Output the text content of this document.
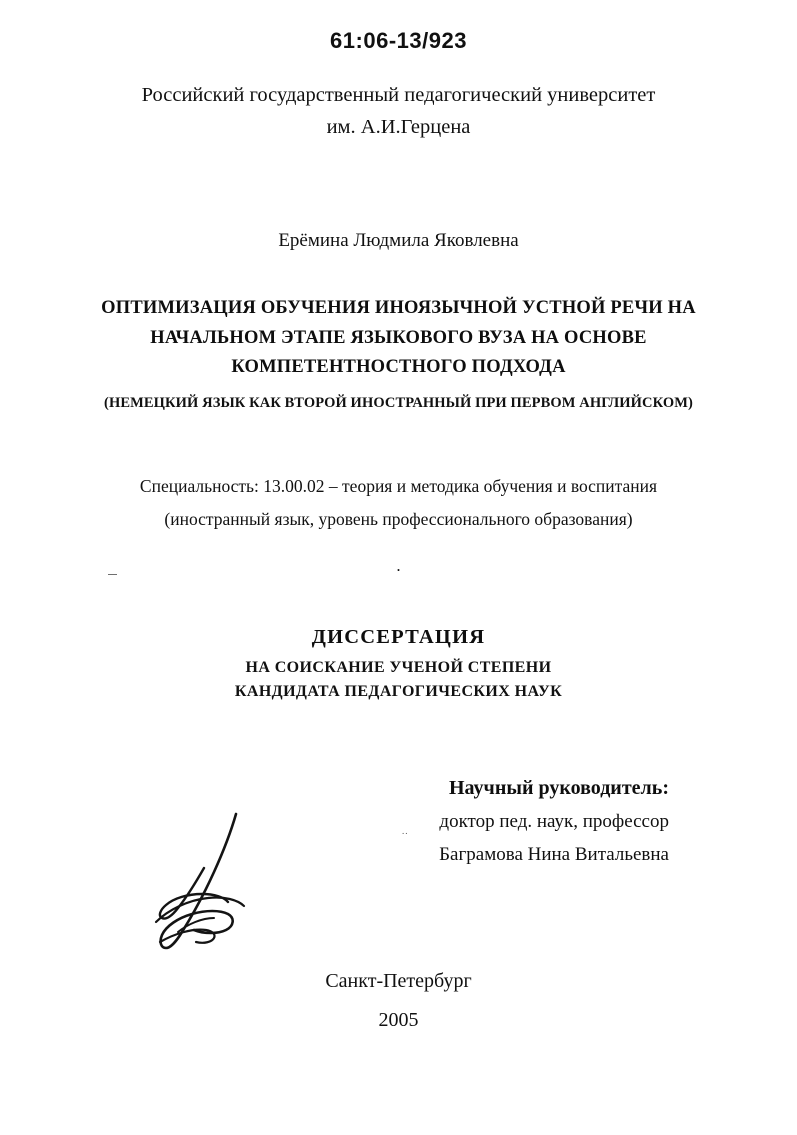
61:06-13/923
Российский государственный педагогический университет
им. А.И.Герцена
Ерёмина Людмила Яковлевна
ОПТИМИЗАЦИЯ ОБУЧЕНИЯ ИНОЯЗЫЧНОЙ УСТНОЙ РЕЧИ НА
НАЧАЛЬНОМ ЭТАПЕ ЯЗЫКОВОГО ВУЗА НА ОСНОВЕ
КОМПЕТЕНТНОСТНОГО ПОДХОДА
(НЕМЕЦКИЙ ЯЗЫК КАК ВТОРОЙ ИНОСТРАННЫЙ ПРИ ПЕРВОМ АНГЛИЙСКОМ)
Специальность: 13.00.02 – теория и методика обучения и воспитания
(иностранный язык, уровень профессионального образования)
.
ДИССЕРТАЦИЯ
НА СОИСКАНИЕ УЧЕНОЙ СТЕПЕНИ
КАНДИДАТА ПЕДАГОГИЧЕСКИХ НАУК
Научный руководитель:
доктор пед. наук, профессор
Баграмова Нина Витальевна
..
Санкт-Петербург
2005
